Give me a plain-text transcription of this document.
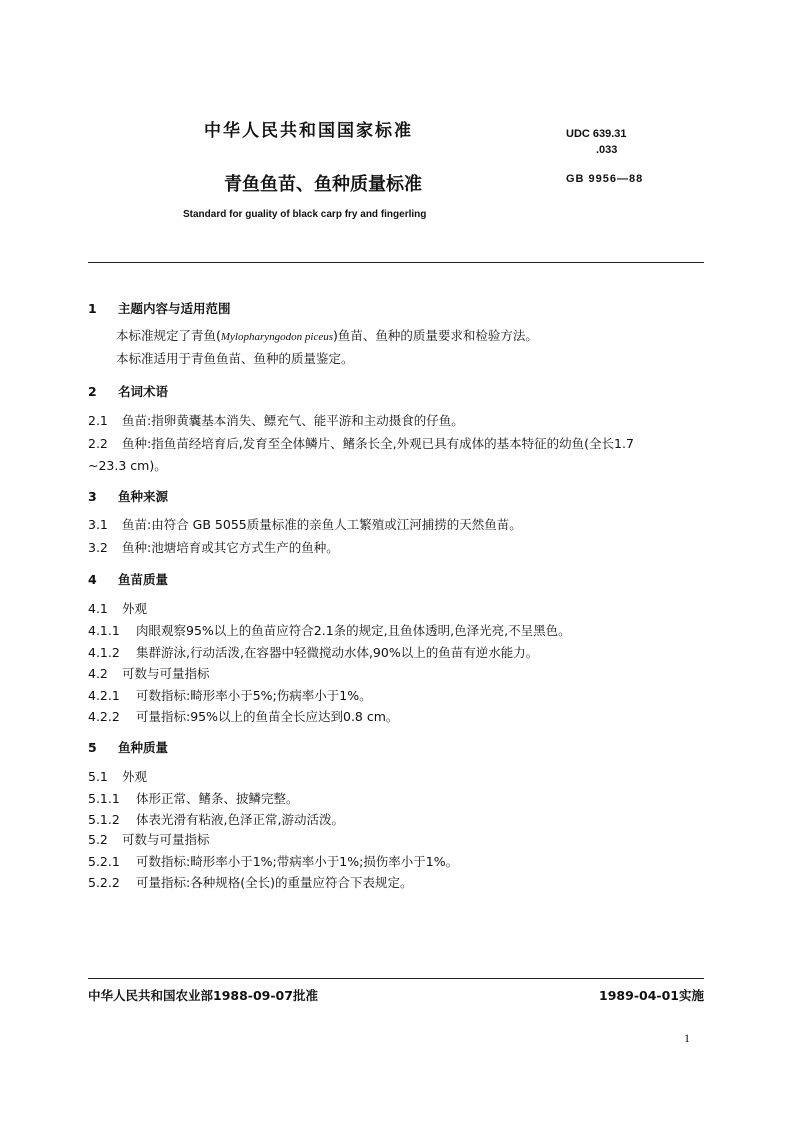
中华人民共和国国家标准	UDC 639.31
.033
青鱼鱼苗、鱼种质量标准	GB 9956—88
Standard for guality of black carp fry and fingerling
1 主题内容与适用范围
本标准规定了青鱼(Mylopharyngodon piceus)鱼苗、鱼种的质量要求和检验方法。
本标准适用于青鱼鱼苗、鱼种的质量鉴定。
2 名词术语
2.1 鱼苗:指卵黄囊基本消失、鳔充气、能平游和主动摄食的仔鱼。
2.2 鱼种:指鱼苗经培育后,发育至全体鳞片、鳍条长全,外观已具有成体的基本特征的幼鱼(全长1.7
~23.3 cm)。
3 鱼种来源
3.1 鱼苗:由符合 GB 5055质量标准的亲鱼人工繁殖或江河捕捞的天然鱼苗。
3.2 鱼种:池塘培育或其它方式生产的鱼种。
4 鱼苗质量
4.1 外观
4.1.1 肉眼观察95%以上的鱼苗应符合2.1条的规定,且鱼体透明,色泽光亮,不呈黑色。
4.1.2 集群游泳,行动活泼,在容器中轻微搅动水体,90%以上的鱼苗有逆水能力。
4.2 可数与可量指标
4.2.1 可数指标:畸形率小于5%;伤病率小于1%。
4.2.2 可量指标:95%以上的鱼苗全长应达到0.8 cm。
5 鱼种质量
5.1 外观
5.1.1 体形正常、鳍条、披鳞完整。
5.1.2 体表光滑有粘液,色泽正常,游动活泼。
5.2 可数与可量指标
5.2.1 可数指标:畸形率小于1%;带病率小于1%;损伤率小于1%。
5.2.2 可量指标:各种规格(全长)的重量应符合下表规定。
中华人民共和国农业部1988-09-07批准	1989-04-01实施
1
